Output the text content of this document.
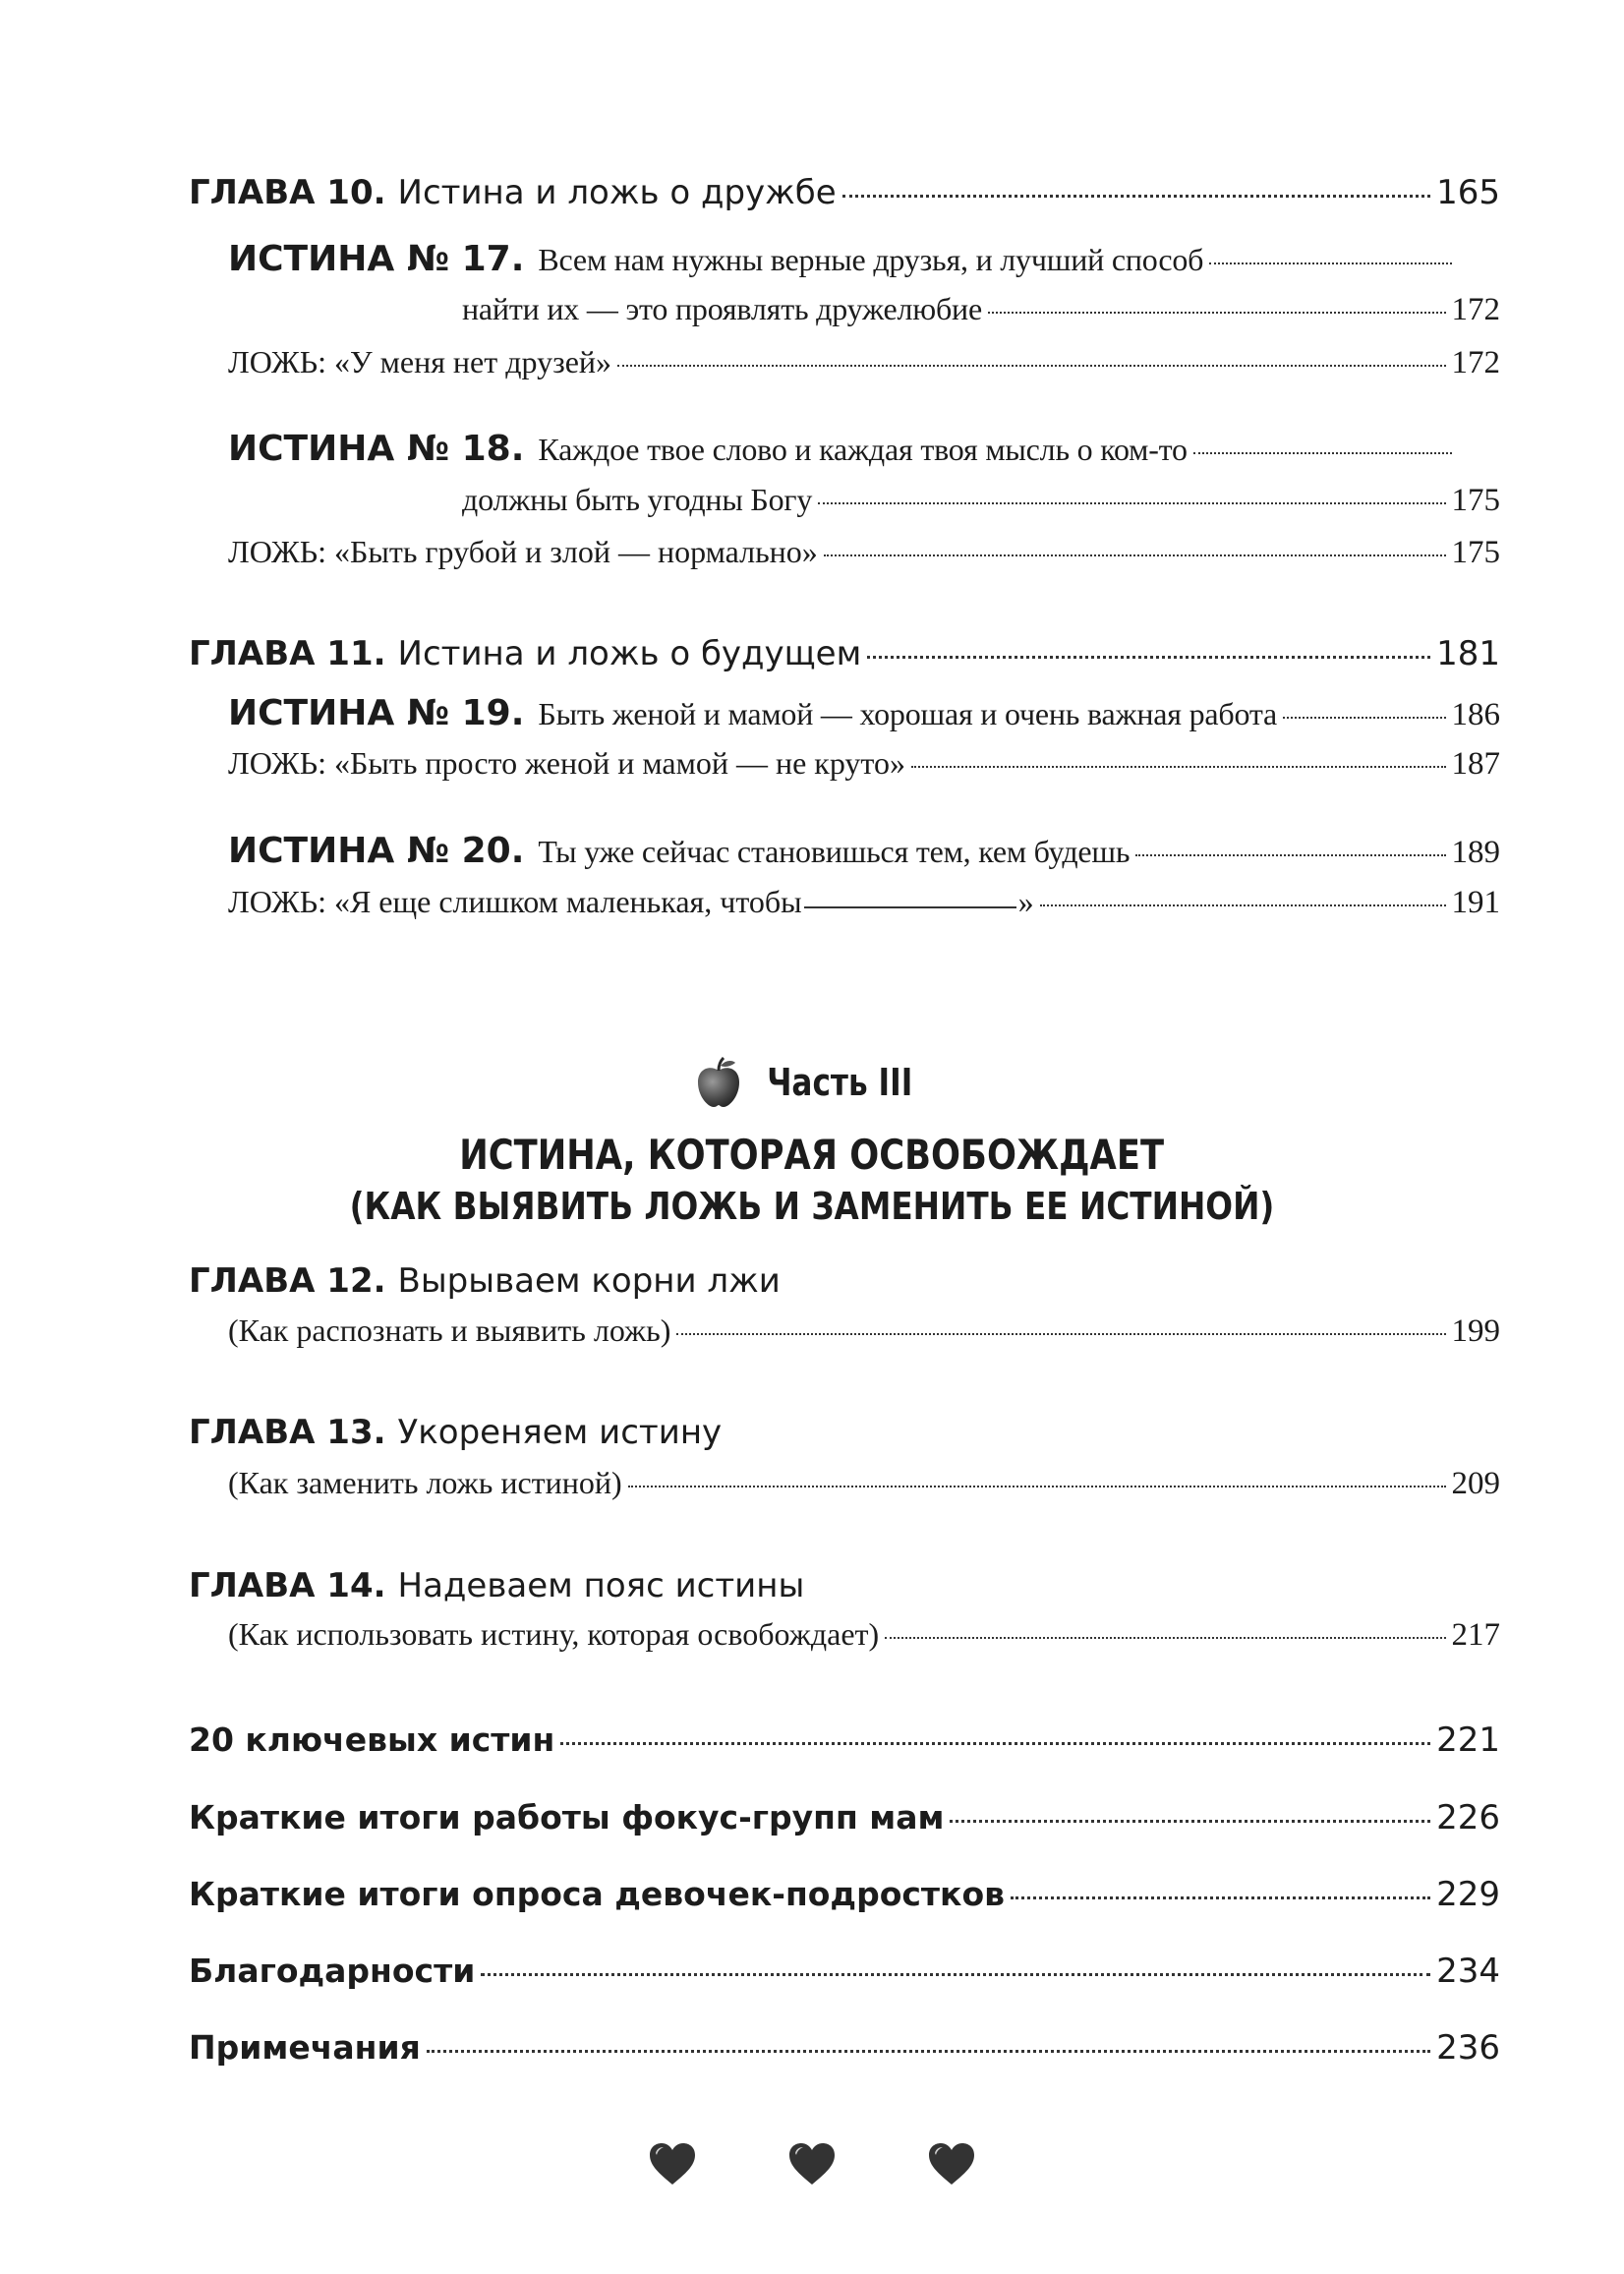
ГЛАВА 10. Истина и ложь о дружбе	165
ИСТИНА № 17. Всем нам нужны верные друзья, и лучший способ
найти их — это проявлять дружелюбие	172
ЛОЖЬ: «У меня нет друзей»	172
ИСТИНА № 18. Каждое твое слово и каждая твоя мысль о ком-то
должны быть угодны Богу	175
ЛОЖЬ: «Быть грубой и злой — нормально»	175
ГЛАВА 11. Истина и ложь о будущем	181
ИСТИНА № 19. Быть женой и мамой — хорошая и очень важная работа	186
ЛОЖЬ: «Быть просто женой и мамой — не круто»	187
ИСТИНА № 20. Ты уже сейчас становишься тем, кем будешь	189
ЛОЖЬ: «Я еще слишком маленькая, чтобы	»	191
Часть III
ИСТИНА, КОТОРАЯ ОСВОБОЖДАЕТ
(КАК ВЫЯВИТЬ ЛОЖЬ И ЗАМЕНИТЬ ЕЕ ИСТИНОЙ)
ГЛАВА 12. Вырываем корни лжи
(Как распознать и выявить ложь)	199
ГЛАВА 13. Укореняем истину
(Как заменить ложь истиной)	209
ГЛАВА 14. Надеваем пояс истины
(Как использовать истину, которая освобождает)	217
20 ключевых истин	221
Краткие итоги работы фокус-групп мам	226
Краткие итоги опроса девочек-подростков	229
Благодарности	234
Примечания	236
